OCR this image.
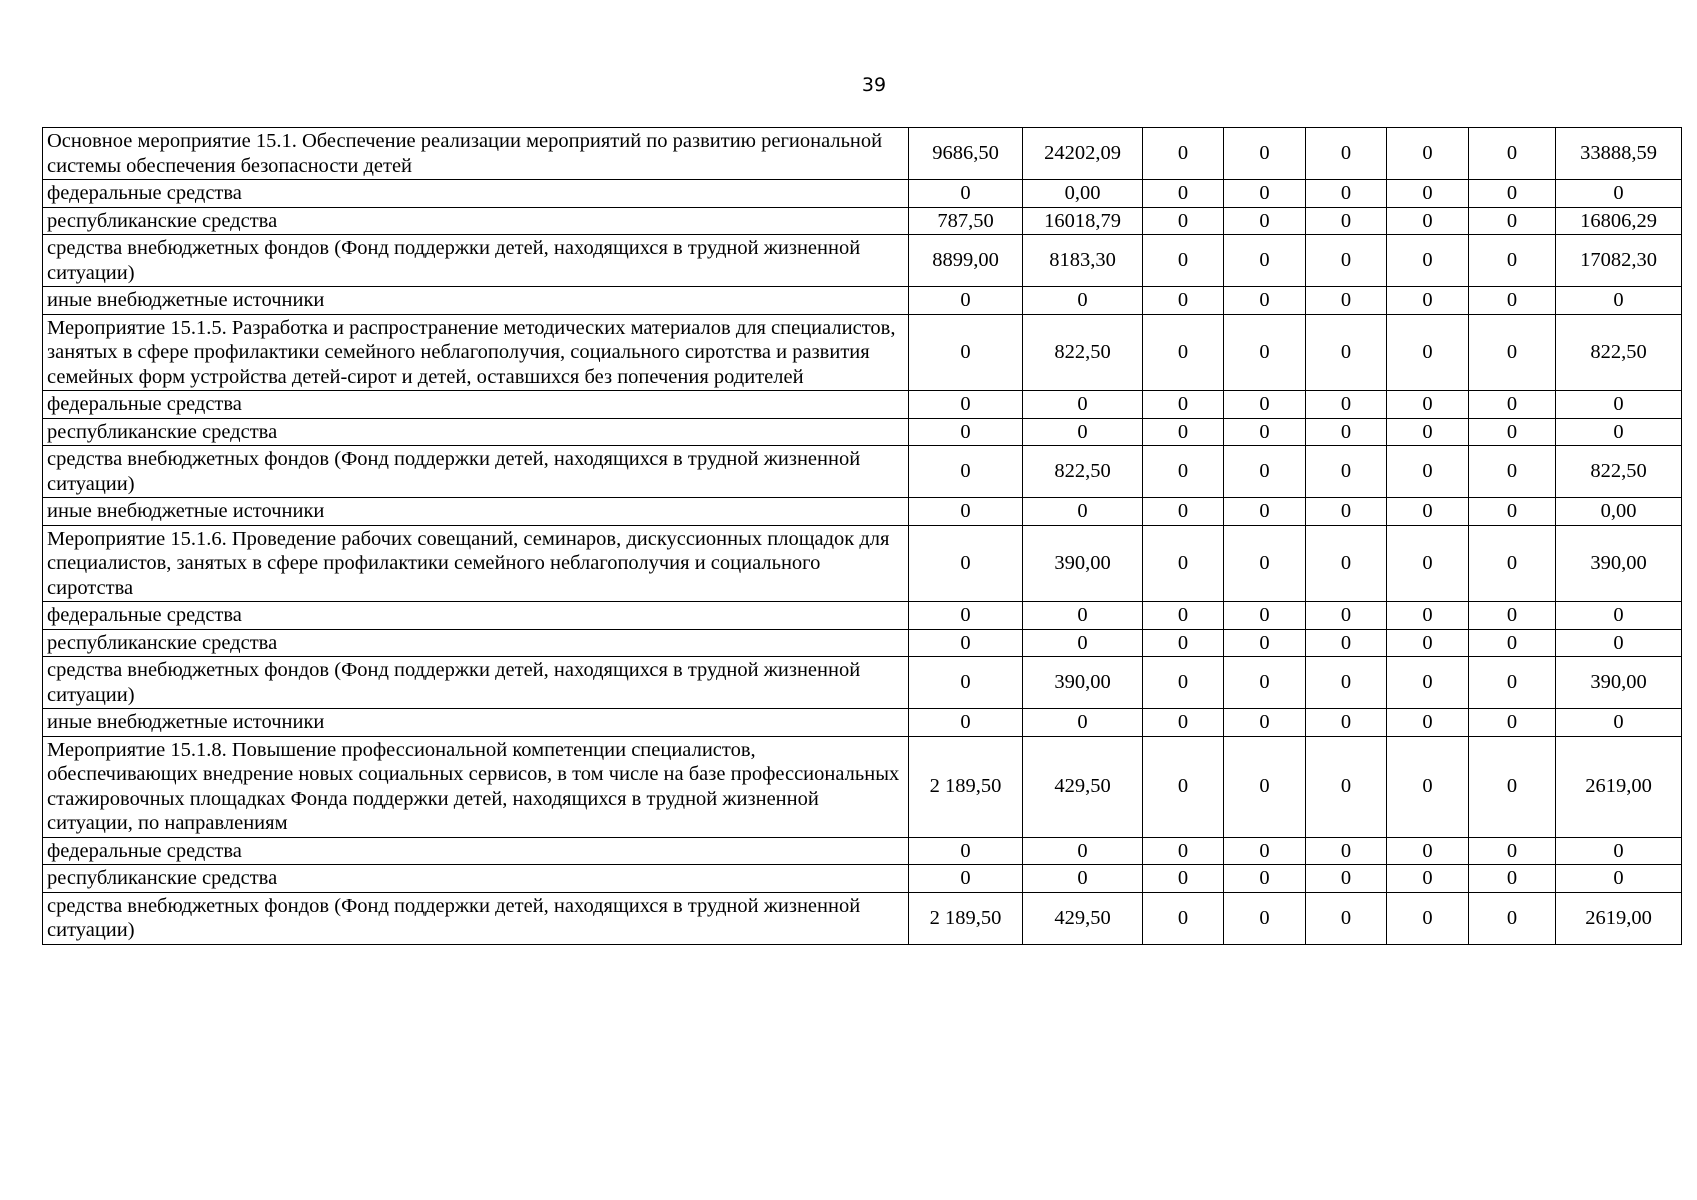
39
Основное мероприятие 15.1. Обеспечение реализации мероприятий по развитию региональной системы обеспечения безопасности детей	9686,50	24202,09	0	0	0	0	0	33888,59
федеральные средства	0	0,00	0	0	0	0	0	0
республиканские средства	787,50	16018,79	0	0	0	0	0	16806,29
средства внебюджетных фондов (Фонд поддержки детей, находящихся в трудной жизненной ситуации)	8899,00	8183,30	0	0	0	0	0	17082,30
иные внебюджетные источники	0	0	0	0	0	0	0	0
Мероприятие 15.1.5. Разработка и распространение методических материалов для специалистов, занятых в сфере профилактики семейного неблагополучия, социального сиротства и развития семейных форм устройства детей-сирот и детей, оставшихся без попечения родителей	0	822,50	0	0	0	0	0	822,50
федеральные средства	0	0	0	0	0	0	0	0
республиканские средства	0	0	0	0	0	0	0	0
средства внебюджетных фондов (Фонд поддержки детей, находящихся в трудной жизненной ситуации)	0	822,50	0	0	0	0	0	822,50
иные внебюджетные источники	0	0	0	0	0	0	0	0,00
Мероприятие 15.1.6. Проведение рабочих совещаний, семинаров, дискуссионных площадок для специалистов, занятых в сфере профилактики семейного неблагополучия и социального сиротства	0	390,00	0	0	0	0	0	390,00
федеральные средства	0	0	0	0	0	0	0	0
республиканские средства	0	0	0	0	0	0	0	0
средства внебюджетных фондов (Фонд поддержки детей, находящихся в трудной жизненной ситуации)	0	390,00	0	0	0	0	0	390,00
иные внебюджетные источники	0	0	0	0	0	0	0	0
Мероприятие 15.1.8. Повышение профессиональной компетенции специалистов, обеспечивающих внедрение новых социальных сервисов, в том числе на базе профессиональных стажировочных площадках Фонда поддержки детей, находящихся в трудной жизненной ситуации, по направлениям	2 189,50	429,50	0	0	0	0	0	2619,00
федеральные средства	0	0	0	0	0	0	0	0
республиканские средства	0	0	0	0	0	0	0	0
средства внебюджетных фондов (Фонд поддержки детей, находящихся в трудной жизненной ситуации)	2 189,50	429,50	0	0	0	0	0	2619,00
